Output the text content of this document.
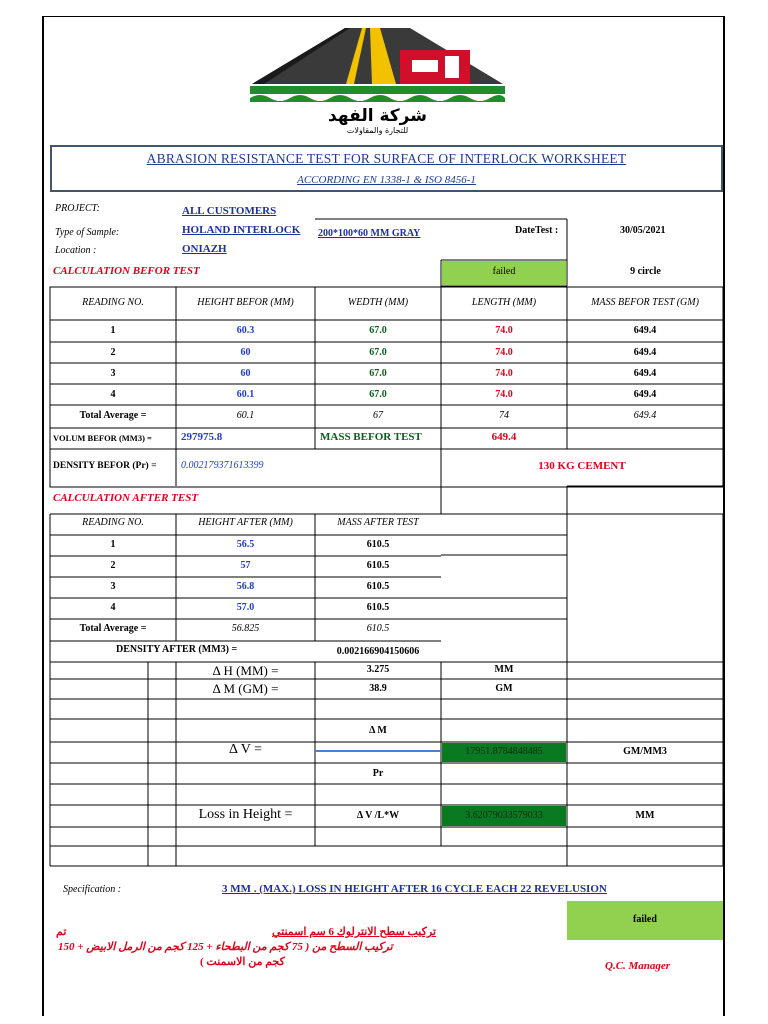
شركة الفهد
للتجارة والمقاولات
ABRASION RESISTANCE TEST FOR SURFACE OF INTERLOCK WORKSHEET
ACCORDING EN 1338-1 & ISO 8456-1
PROJECT:	ALL CUSTOMERS
Type of Sample:	HOLAND INTERLOCK 200*100*60 MM GRAY	DateTest :	30/05/2021
Location :	ONIAZH
CALCULATION BEFOR TEST	failed	9 circle
READING NO.	HEIGHT BEFOR (MM)	WEDTH (MM)	LENGTH (MM)	MASS BEFOR TEST (GM)
1	60.3	67.0	74.0	649.4
2	60	67.0	74.0	649.4
3	60	67.0	74.0	649.4
4	60.1	67.0	74.0	649.4
Total Average =	60.1	67	74	649.4
VOLUM BEFOR (MM3) =	297975.8	MASS BEFOR TEST	649.4
DENSITY BEFOR (Pr) = 0.002179371613399	130 KG CEMENT
CALCULATION AFTER TEST
READING NO.	HEIGHT AFTER (MM)	MASS AFTER TEST
1	56.5	610.5
2	57	610.5
3	56.8	610.5
4	57.0	610.5
Total Average =	56.825	610.5
DENSITY AFTER (MM3) =	0.002166904150606
Δ H (MM) =	3.275	MM
Δ M (GM) =	38.9	GM
Δ M
Δ V =	17951.8784848485	GM/MM3
Pr
Loss in Height =	Δ V /L*W	3.62079033579033	MM
Specification :	3 MM . (MAX.) LOSS IN HEIGHT AFTER 16 CYCLE EACH 22 REVELUSION
failed
تركيب سطح الانترلوك 6 سم اسمنتي
تم
تركيب السطح من ( 75 كجم من البطحاء + 125 كجم من الرمل الابيض + 150
كجم من الاسمنت )	Q.C. Manager
